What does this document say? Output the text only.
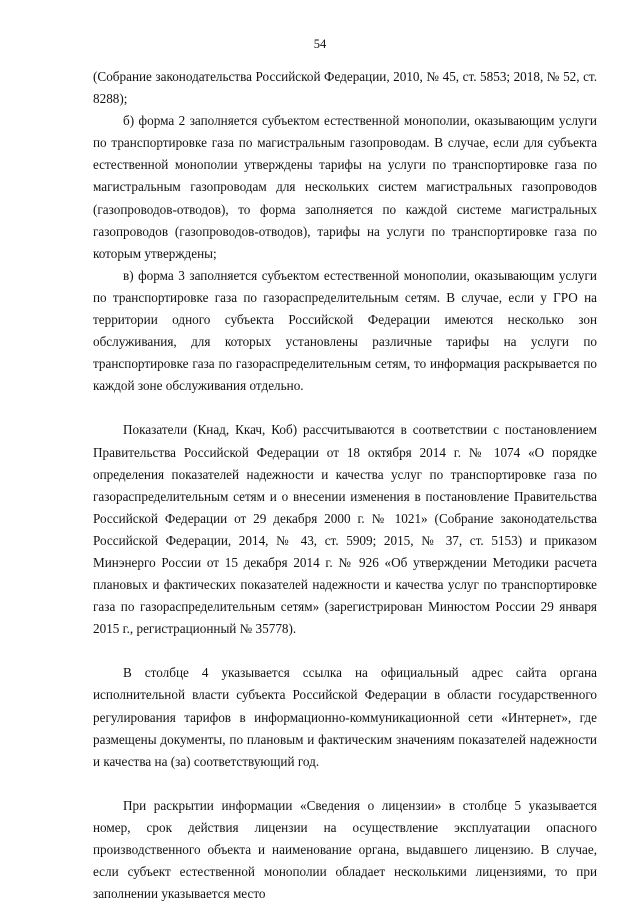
54

(Собрание законодательства Российской Федерации, 2010, № 45, ст. 5853; 2018, № 52, ст. 8288);

б) форма 2 заполняется субъектом естественной монополии, оказывающим услуги по транспортировке газа по магистральным газопроводам. В случае, если для субъекта естественной монополии утверждены тарифы на услуги по транспортировке газа по магистральным газопроводам для нескольких систем магистральных газопроводов (газопроводов-отводов), то форма заполняется по каждой системе магистральных газопроводов (газопроводов-отводов), тарифы на услуги по транспортировке газа по которым утверждены;

в) форма 3 заполняется субъектом естественной монополии, оказывающим услуги по транспортировке газа по газораспределительным сетям. В случае, если у ГРО на территории одного субъекта Российской Федерации имеются несколько зон обслуживания, для которых установлены различные тарифы на услуги по транспортировке газа по газораспределительным сетям, то информация раскрывается по каждой зоне обслуживания отдельно.

Показатели (Кнад, Ккач, Коб) рассчитываются в соответствии с постановлением Правительства Российской Федерации от 18 октября 2014 г. № 1074 «О порядке определения показателей надежности и качества услуг по транспортировке газа по газораспределительным сетям и о внесении изменения в постановление Правительства Российской Федерации от 29 декабря 2000 г. № 1021» (Собрание законодательства Российской Федерации, 2014, № 43, ст. 5909; 2015, № 37, ст. 5153) и приказом Минэнерго России от 15 декабря 2014 г. № 926 «Об утверждении Методики расчета плановых и фактических показателей надежности и качества услуг по транспортировке газа по газораспределительным сетям» (зарегистрирован Минюстом России 29 января 2015 г., регистрационный № 35778).

В столбце 4 указывается ссылка на официальный адрес сайта органа исполнительной власти субъекта Российской Федерации в области государственного регулирования тарифов в информационно-коммуникационной сети «Интернет», где размещены документы, по плановым и фактическим значениям показателей надежности и качества на (за) соответствующий год.

При раскрытии информации «Сведения о лицензии» в столбце 5 указывается номер, срок действия лицензии на осуществление эксплуатации опасного производственного объекта и наименование органа, выдавшего лицензию. В случае, если субъект естественной монополии обладает несколькими лицензиями, то при заполнении указывается место
